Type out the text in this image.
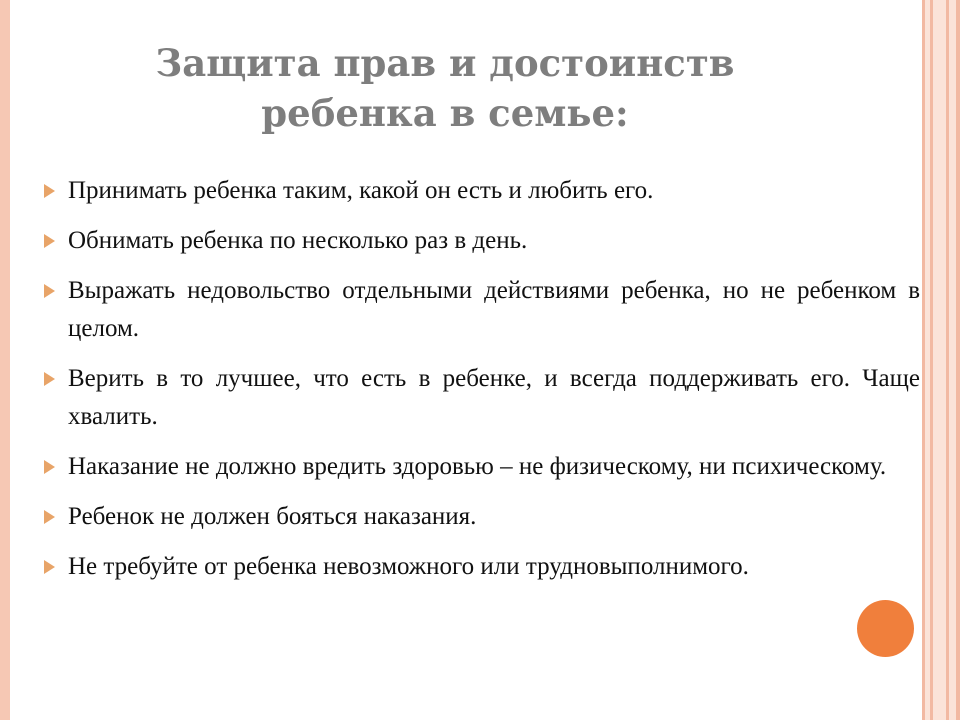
Защита прав и достоинств
ребенка в семье:
Принимать ребенка таким, какой он есть и любить его.
Обнимать ребенка по несколько раз в день.
Выражать недовольство отдельными действиями ребенка, но не ребенком в целом.
Верить в то лучшее, что есть в ребенке, и всегда поддерживать его. Чаще хвалить.
Наказание не должно вредить здоровью – не физическому, ни психическому.
Ребенок не должен бояться наказания.
Не требуйте от ребенка невозможного или трудновыполнимого.
